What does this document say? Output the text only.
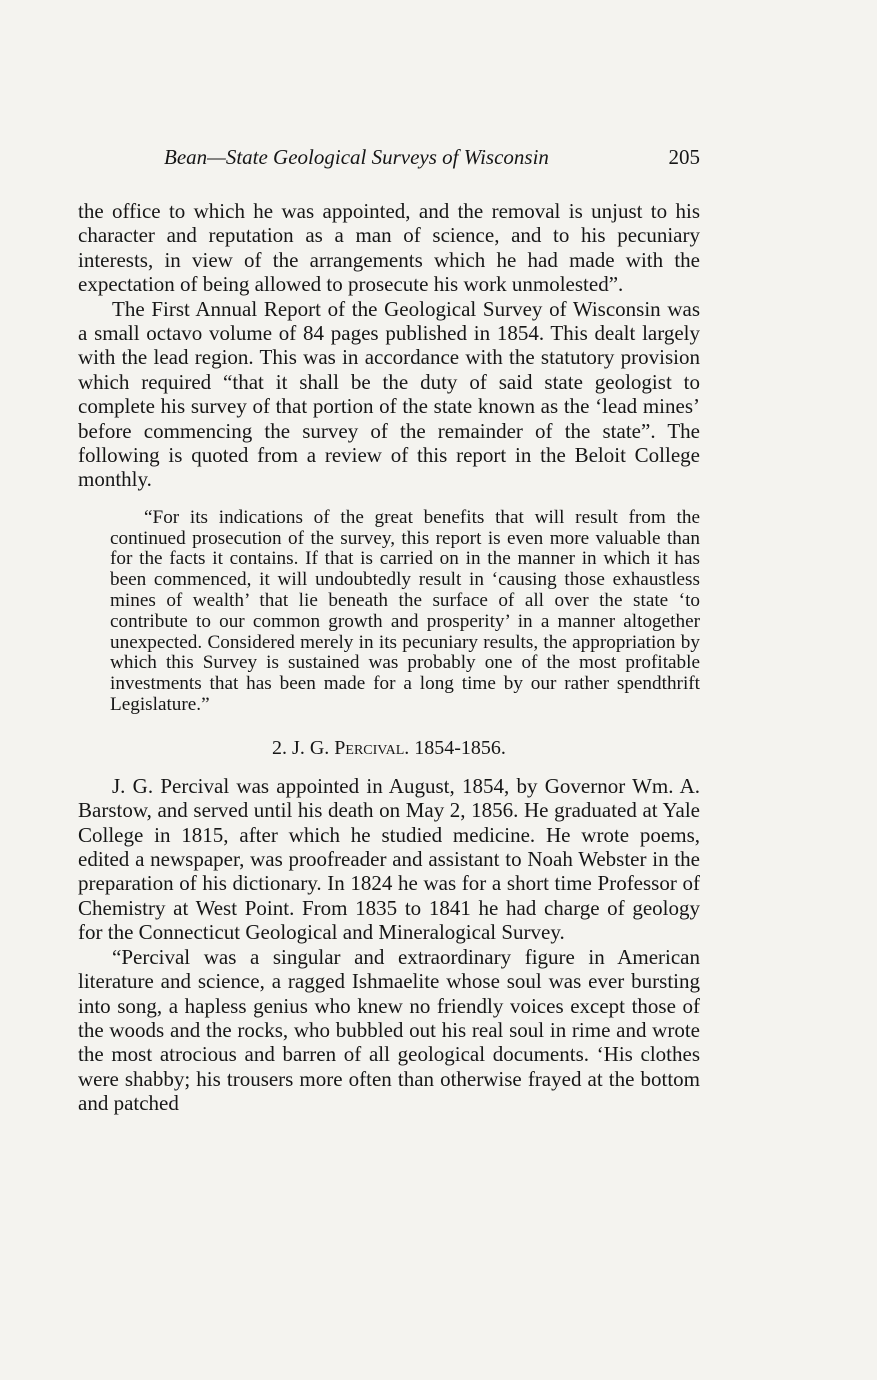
Bean—State Geological Surveys of Wisconsin	205

the office to which he was appointed, and the removal is unjust to his character and reputation as a man of science, and to his pecuniary interests, in view of the arrangements which he had made with the expectation of being allowed to prosecute his work unmolested”.

The First Annual Report of the Geological Survey of Wisconsin was a small octavo volume of 84 pages published in 1854. This dealt largely with the lead region. This was in accordance with the statutory provision which required “that it shall be the duty of said state geologist to complete his survey of that portion of the state known as the ‘lead mines’ before commencing the survey of the remainder of the state”. The following is quoted from a review of this report in the Beloit College monthly.

“For its indications of the great benefits that will result from the continued prosecution of the survey, this report is even more valuable than for the facts it contains. If that is carried on in the manner in which it has been commenced, it will undoubtedly result in ‘causing those exhaustless mines of wealth’ that lie beneath the surface of all over the state ‘to contribute to our common growth and prosperity’ in a manner altogether unexpected. Considered merely in its pecuniary results, the appropriation by which this Survey is sustained was probably one of the most profitable investments that has been made for a long time by our rather spendthrift Legislature.”

2. J. G. Percival. 1854-1856.

J. G. Percival was appointed in August, 1854, by Governor Wm. A. Barstow, and served until his death on May 2, 1856. He graduated at Yale College in 1815, after which he studied medicine. He wrote poems, edited a newspaper, was proofreader and assistant to Noah Webster in the preparation of his dictionary. In 1824 he was for a short time Professor of Chemistry at West Point. From 1835 to 1841 he had charge of geology for the Connecticut Geological and Mineralogical Survey.

“Percival was a singular and extraordinary figure in American literature and science, a ragged Ishmaelite whose soul was ever bursting into song, a hapless genius who knew no friendly voices except those of the woods and the rocks, who bubbled out his real soul in rime and wrote the most atrocious and barren of all geological documents. ‘His clothes were shabby; his trousers more often than otherwise frayed at the bottom and patched
